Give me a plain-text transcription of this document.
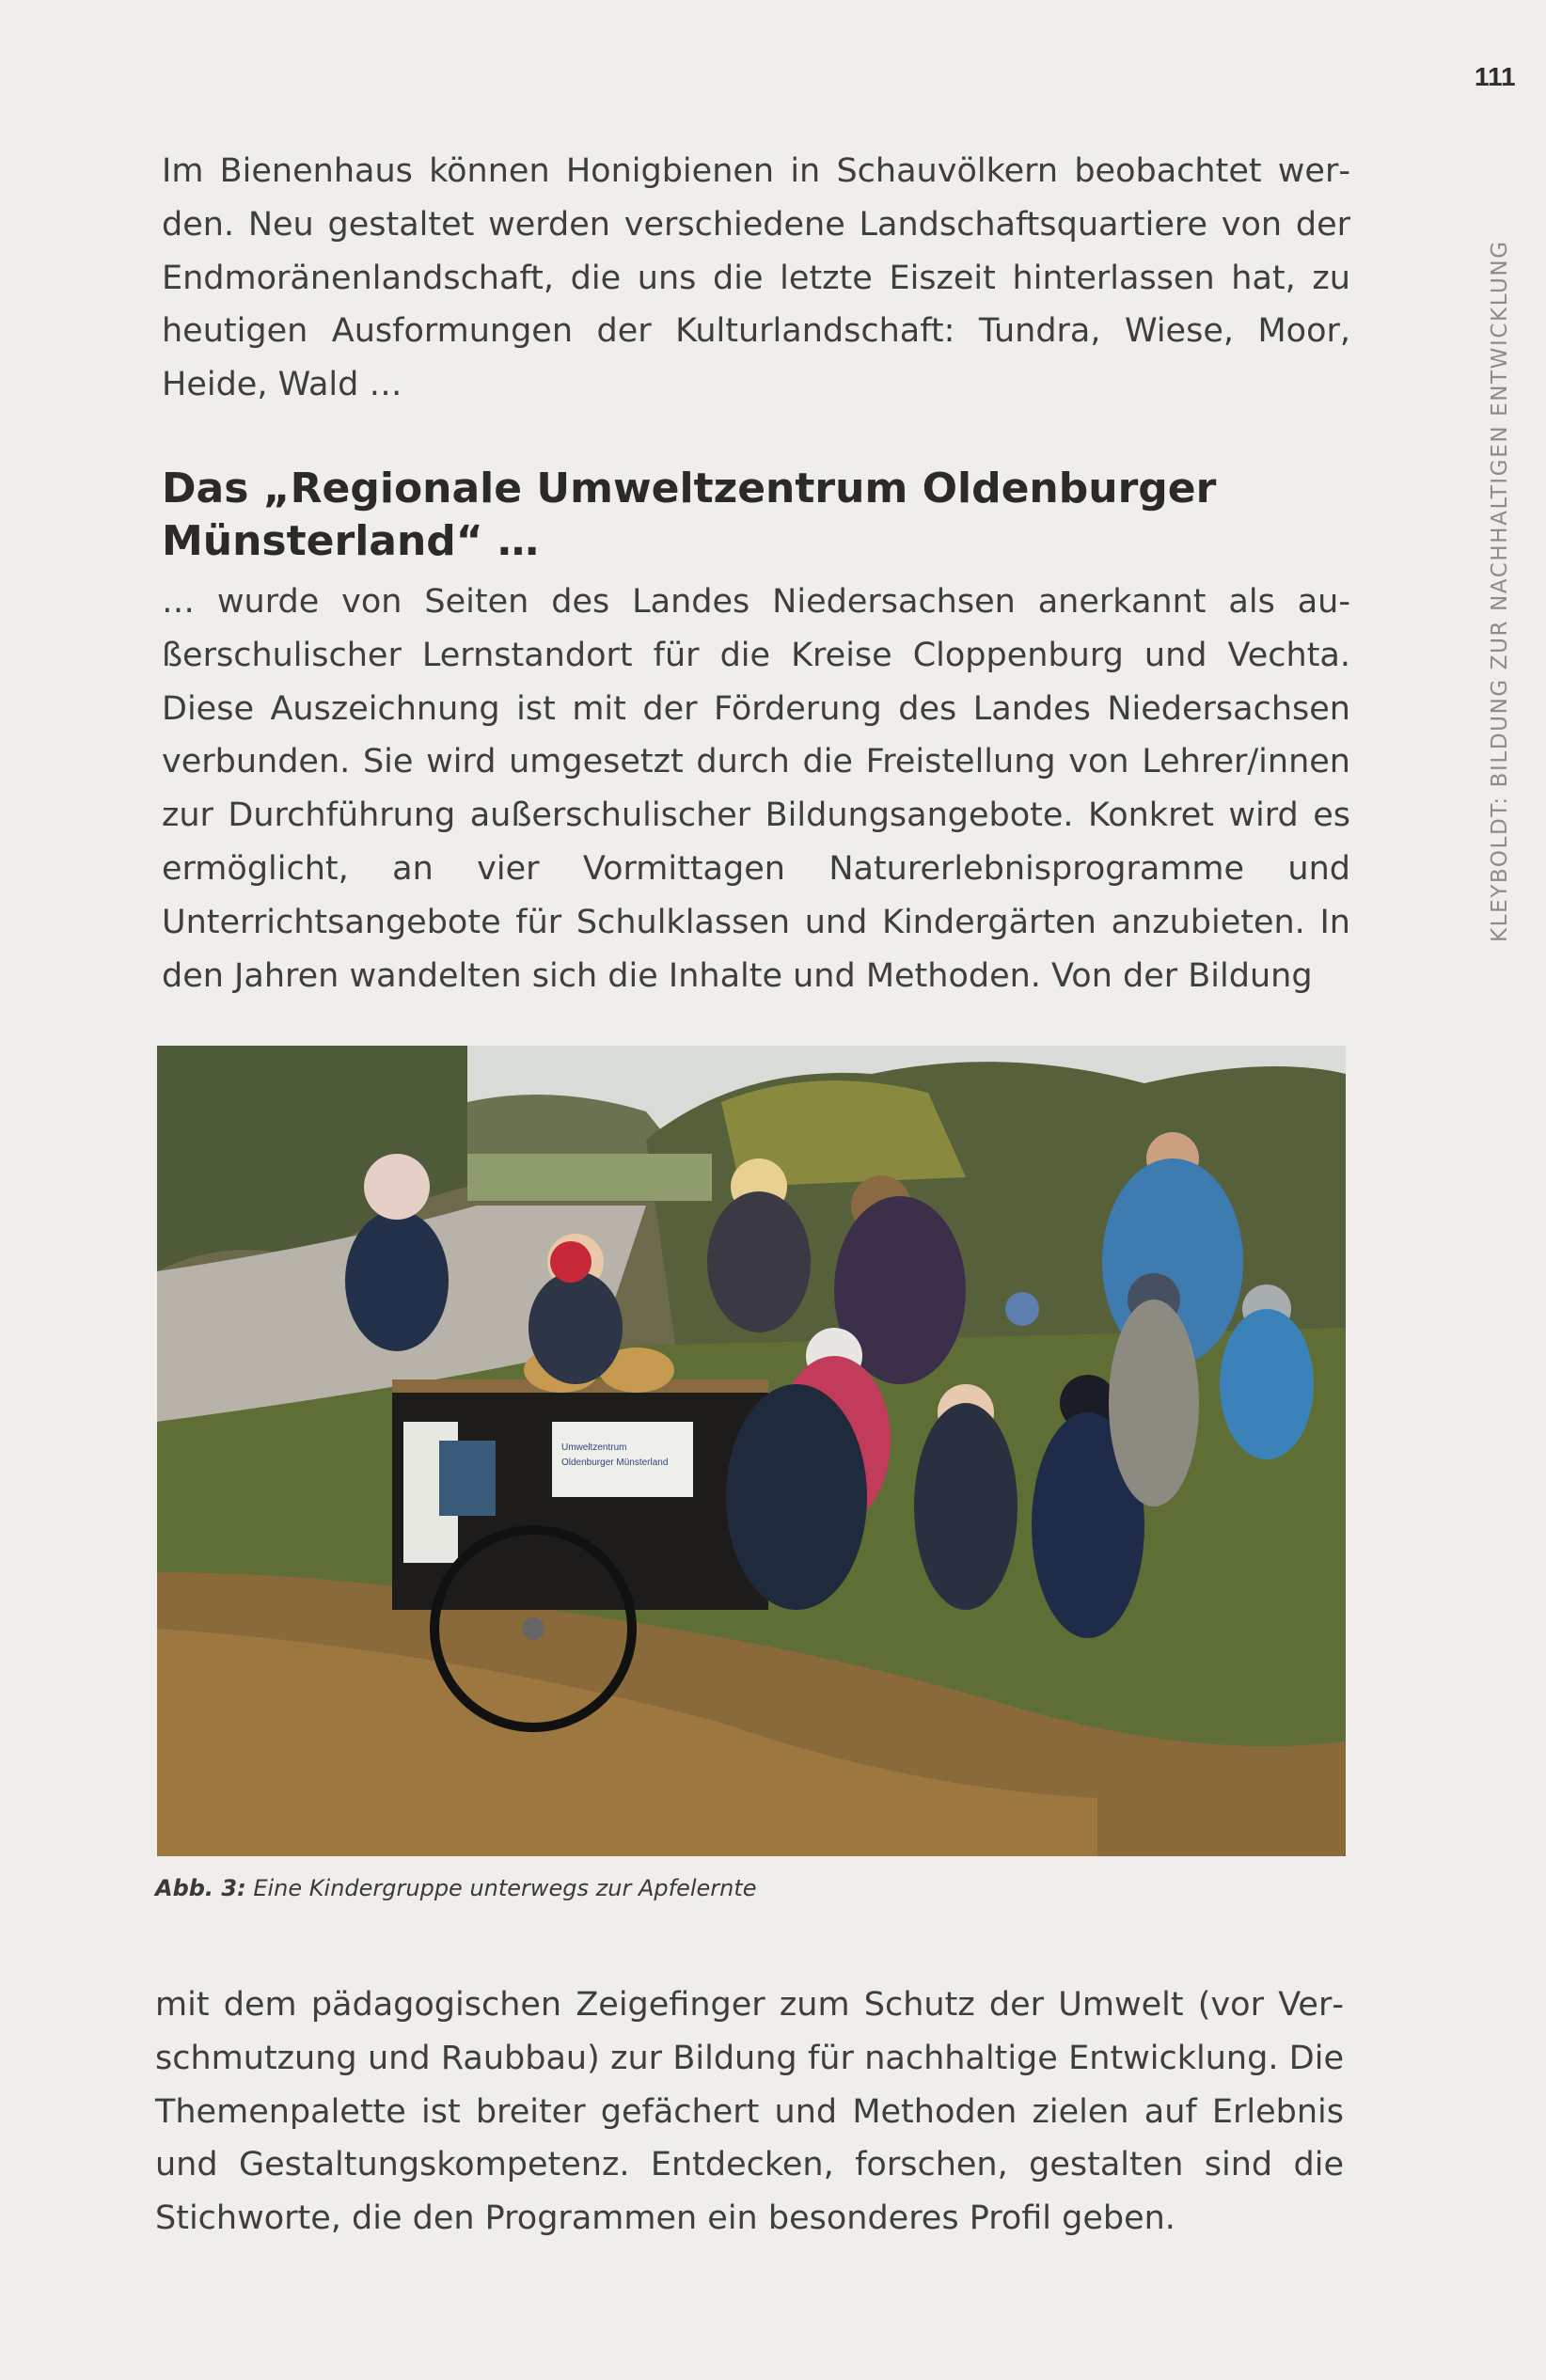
111
KLEYBOLDT: BILDUNG ZUR NACHHALTIGEN ENTWICKLUNG

Im Bienenhaus können Honigbienen in Schauvölkern beobachtet werden. Neu gestaltet werden verschiedene Landschaftsquartiere von der Endmoränenlandschaft, die uns die letzte Eiszeit hinterlassen hat, zu heutigen Ausformungen der Kulturlandschaft: Tundra, Wiese, Moor, Heide, Wald …

Das „Regionale Umweltzentrum Oldenburger Münsterland“ …

… wurde von Seiten des Landes Niedersachsen anerkannt als außerschulischer Lernstandort für die Kreise Cloppenburg und Vechta. Diese Auszeichnung ist mit der Förderung des Landes Niedersachsen verbunden. Sie wird umgesetzt durch die Freistellung von Lehrer/innen zur Durchführung außerschulischer Bildungsangebote. Konkret wird es ermöglicht, an vier Vormittagen Naturerlebnisprogramme und Unterrichtsangebote für Schulklassen und Kindergärten anzubieten. In den Jahren wandelten sich die Inhalte und Methoden. Von der Bildung

Umweltzentrum
Oldenburger Münsterland
Abb. 3: Eine Kindergruppe unterwegs zur Apfelernte

mit dem pädagogischen Zeigefinger zum Schutz der Umwelt (vor Verschmutzung und Raubbau) zur Bildung für nachhaltige Entwicklung. Die Themenpalette ist breiter gefächert und Methoden zielen auf Erlebnis und Gestaltungskompetenz. Entdecken, forschen, gestalten sind die Stichworte, die den Programmen ein besonderes Profil geben.
